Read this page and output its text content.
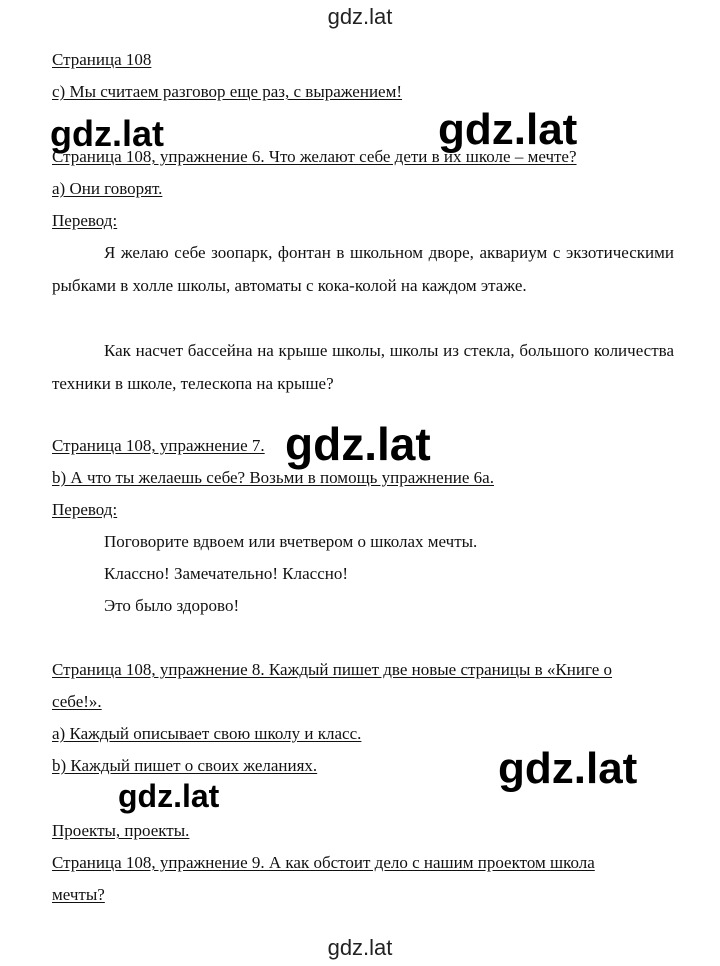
gdz.lat
Страница 108
c) Мы считаем разговор еще раз, с выражением!
Страница 108, упражнение 6. Что желают себе дети в их школе – мечте?
а) Они говорят.
Перевод:

Я желаю себе зоопарк, фонтан в школьном дворе, аквариум с экзотическими рыбками в холле школы, автоматы с кока-колой на каждом этаже.

Как насчет бассейна на крыше школы, школы из стекла, большого количества техники в школе, телескопа на крыше?

Страница 108, упражнение 7.
b) А что ты желаешь себе? Возьми в помощь упражнение 6а.
Перевод:
Поговорите вдвоем или вчетвером о школах мечты.
Классно! Замечательно! Классно!
Это было здорово!
Страница 108, упражнение 8. Каждый пишет две новые страницы в «Книге о
себе!».
а) Каждый описывает свою школу и класс.
b) Каждый пишет о своих желаниях.
Проекты, проекты.
Страница 108, упражнение 9. А как обстоит дело с нашим проектом школа
мечты?
gdz.lat	gdz.lat
gdz.lat
gdz.lat
gdz.lat
gdz.lat
